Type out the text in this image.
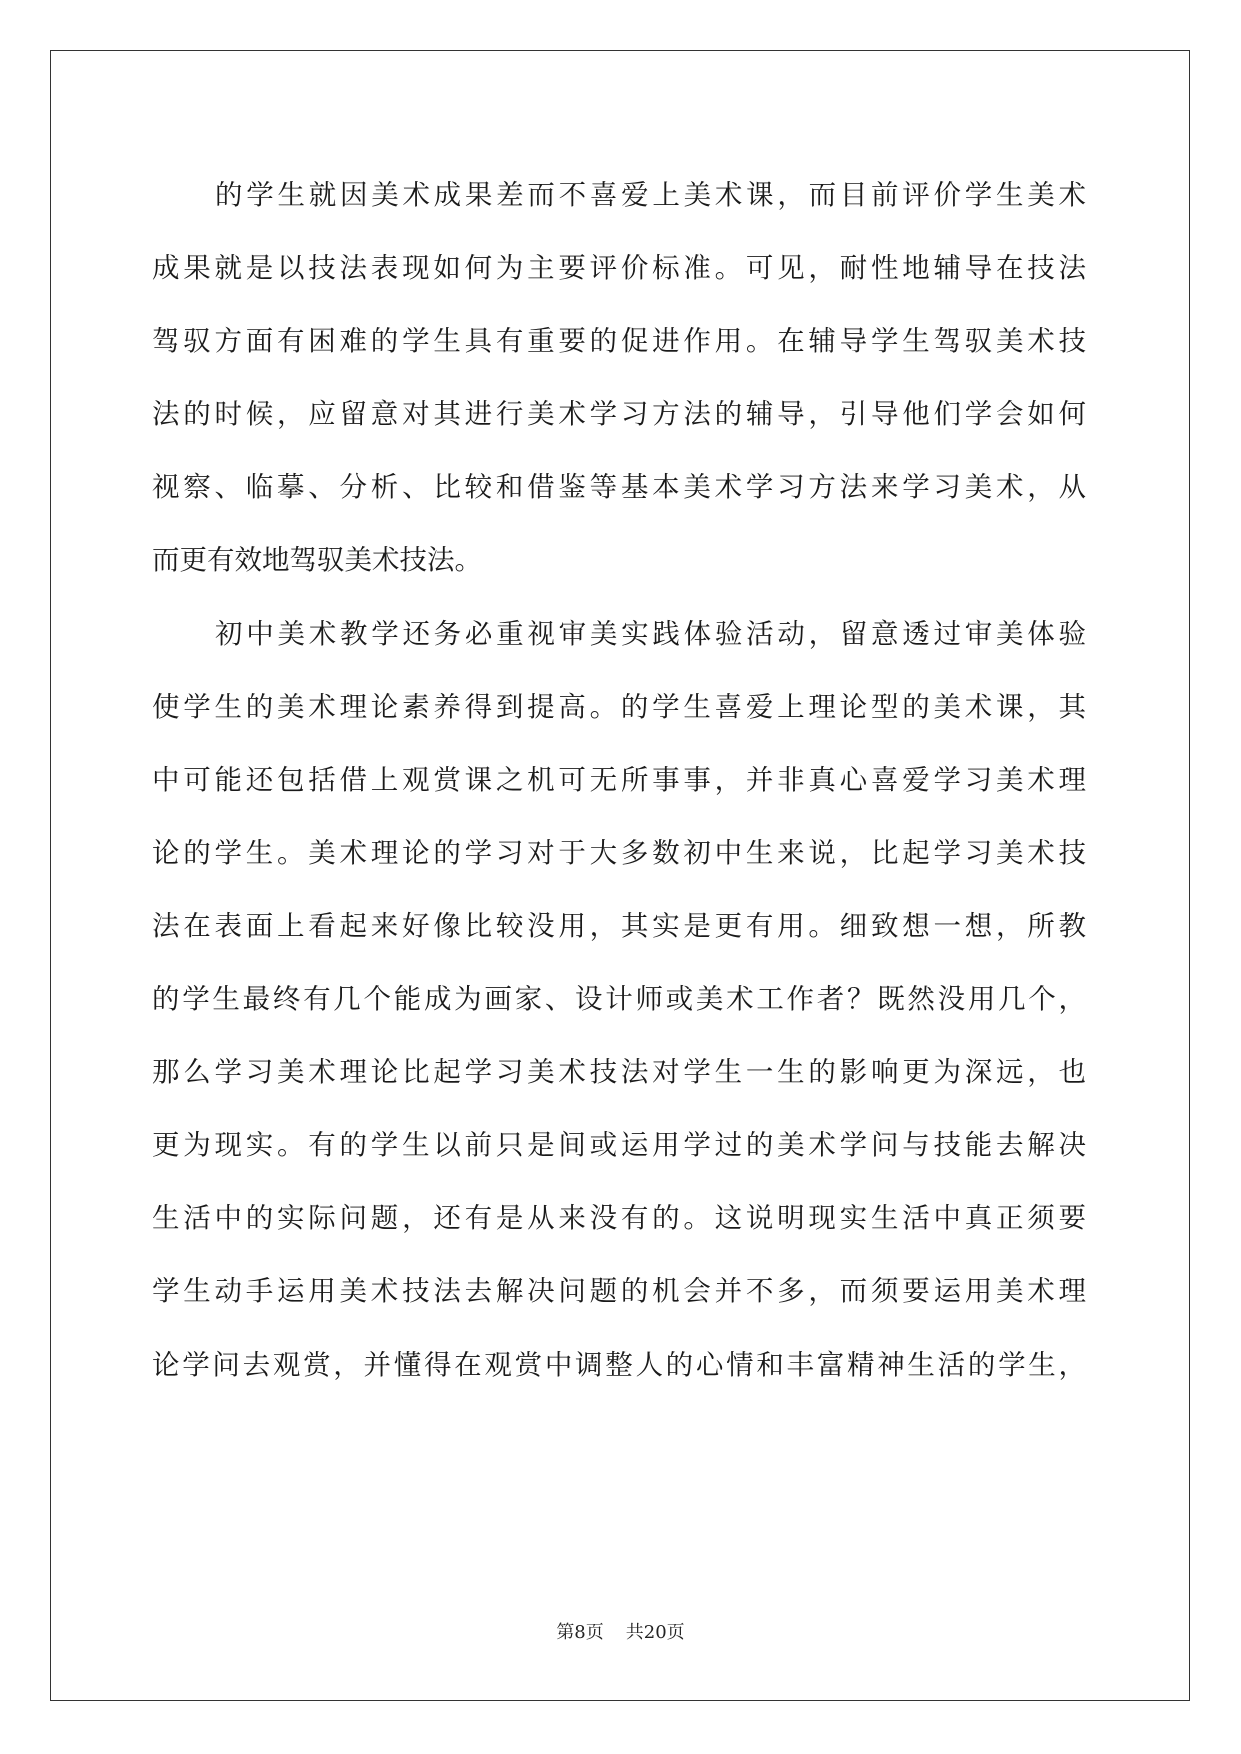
的学生就因美术成果差而不喜爱上美术课，而目前评价学生美术
成果就是以技法表现如何为主要评价标准。可见，耐性地辅导在技法
驾驭方面有困难的学生具有重要的促进作用。在辅导学生驾驭美术技
法的时候，应留意对其进行美术学习方法的辅导，引导他们学会如何
视察、临摹、分析、比较和借鉴等基本美术学习方法来学习美术，从
而更有效地驾驭美术技法。
初中美术教学还务必重视审美实践体验活动，留意透过审美体验
使学生的美术理论素养得到提高。的学生喜爱上理论型的美术课，其
中可能还包括借上观赏课之机可无所事事，并非真心喜爱学习美术理
论的学生。美术理论的学习对于大多数初中生来说，比起学习美术技
法在表面上看起来好像比较没用，其实是更有用。细致想一想，所教
的学生最终有几个能成为画家、设计师或美术工作者？既然没用几个，
那么学习美术理论比起学习美术技法对学生一生的影响更为深远，也
更为现实。有的学生以前只是间或运用学过的美术学问与技能去解决
生活中的实际问题，还有是从来没有的。这说明现实生活中真正须要
学生动手运用美术技法去解决问题的机会并不多，而须要运用美术理
论学问去观赏，并懂得在观赏中调整人的心情和丰富精神生活的学生，
第8页 共20页
